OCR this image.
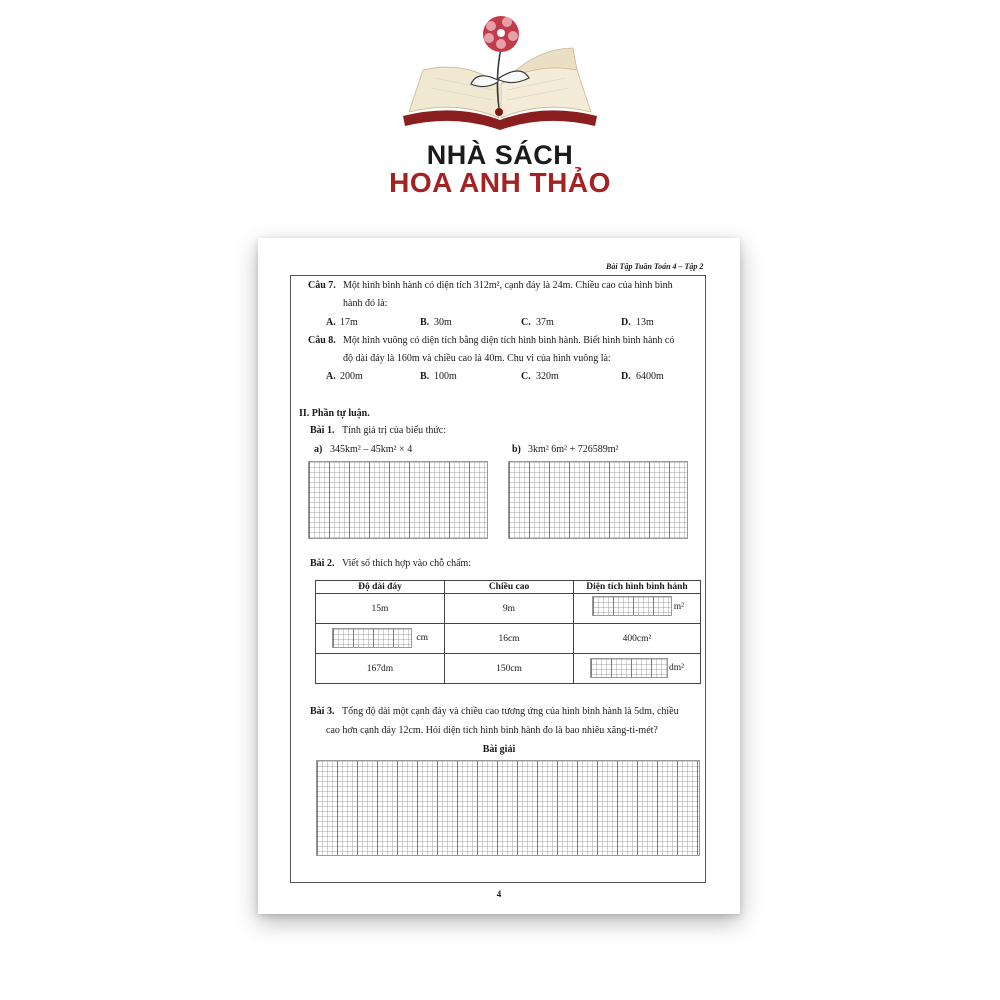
NHÀ SÁCH
HOA ANH THẢO
Bài Tập Tuần Toán 4 – Tập 2
Câu 7. Một hình bình hành có diện tích 312m², cạnh đáy là 24m. Chiều cao của hình bình
hành đó là:
A. 17m	B. 30m	C. 37m	D. 13m
Câu 8. Một hình vuông có diện tích bằng diện tích hình bình hành. Biết hình bình hành có
độ dài đáy là 160m và chiều cao là 40m. Chu vi của hình vuông là:
A. 200m	B. 100m	C. 320m	D. 6400m
II. Phần tự luận.
Bài 1. Tính giá trị của biểu thức:
a) 345km² – 45km² × 4	b) 3km² 6m² + 726589m²
Bài 2. Viết số thích hợp vào chỗ chấm:
Độ dài đáy	Chiều cao	Diện tích hình bình hành
15m	9m	m²

cm	16cm	400cm²
167dm	150cm	dm²
Bài 3. Tổng độ dài một cạnh đáy và chiều cao tương ứng của hình bình hành là 5dm, chiều
cao hơn cạnh đáy 12cm. Hỏi diện tích hình bình hành đo là bao nhiêu xăng-ti-mét?
Bài giải
4
